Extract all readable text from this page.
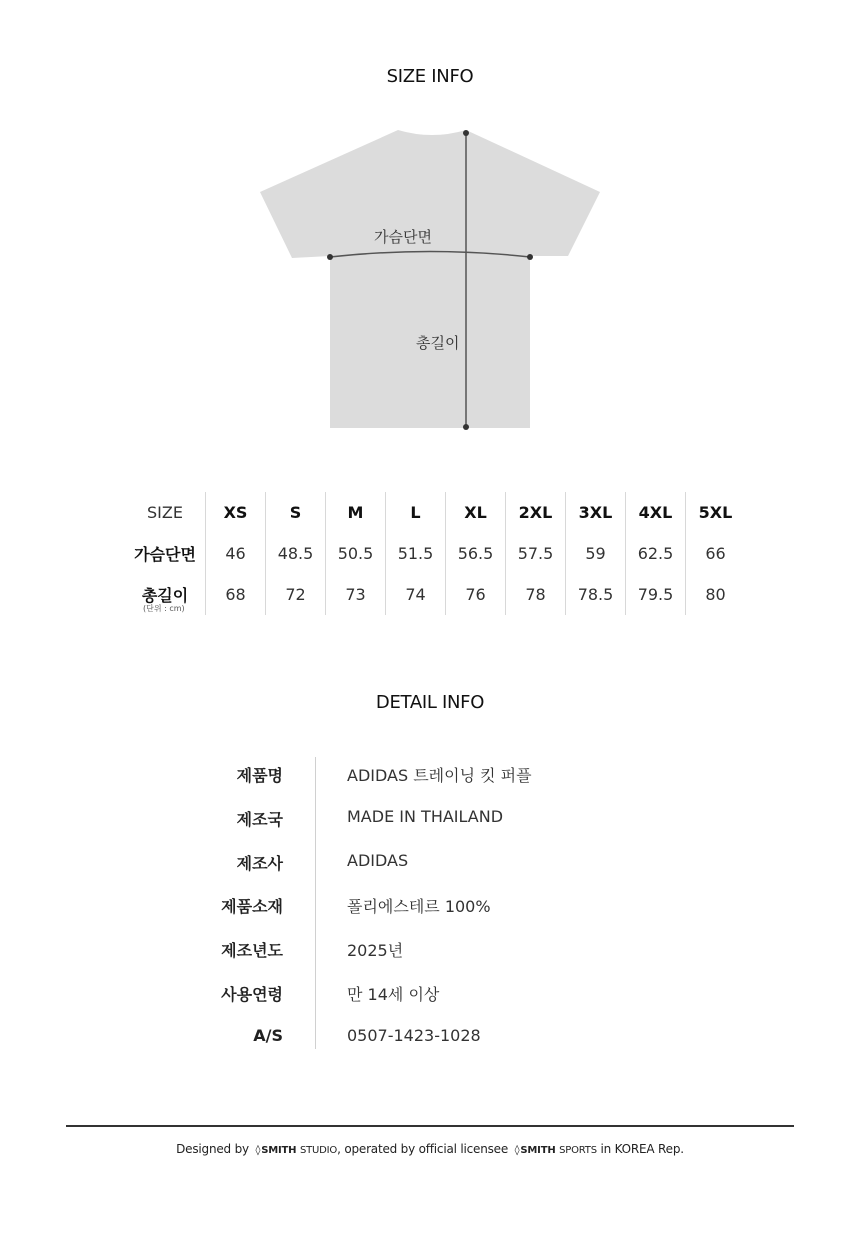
SIZE INFO
가슴단면
총길이
SIZE	XS	S	M	L	XL	2XL	3XL	4XL	5XL
가슴단면	46	48.5	50.5	51.5	56.5	57.5	59	62.5	66
총길이	68	72	73	74	76	78	78.5	79.5	80
(단위 : cm)
DETAIL INFO
제품명	ADIDAS 트레이닝 킷 퍼플
제조국	MADE IN THAILAND
제조사	ADIDAS
제품소재	폴리에스테르 100%
제조년도	2025년
사용연령	만 14세 이상
A/S	0507-1423-1028
Designed by ◊SMITH STUDIO, operated by official licensee ◊SMITH SPORTS in KOREA Rep.
